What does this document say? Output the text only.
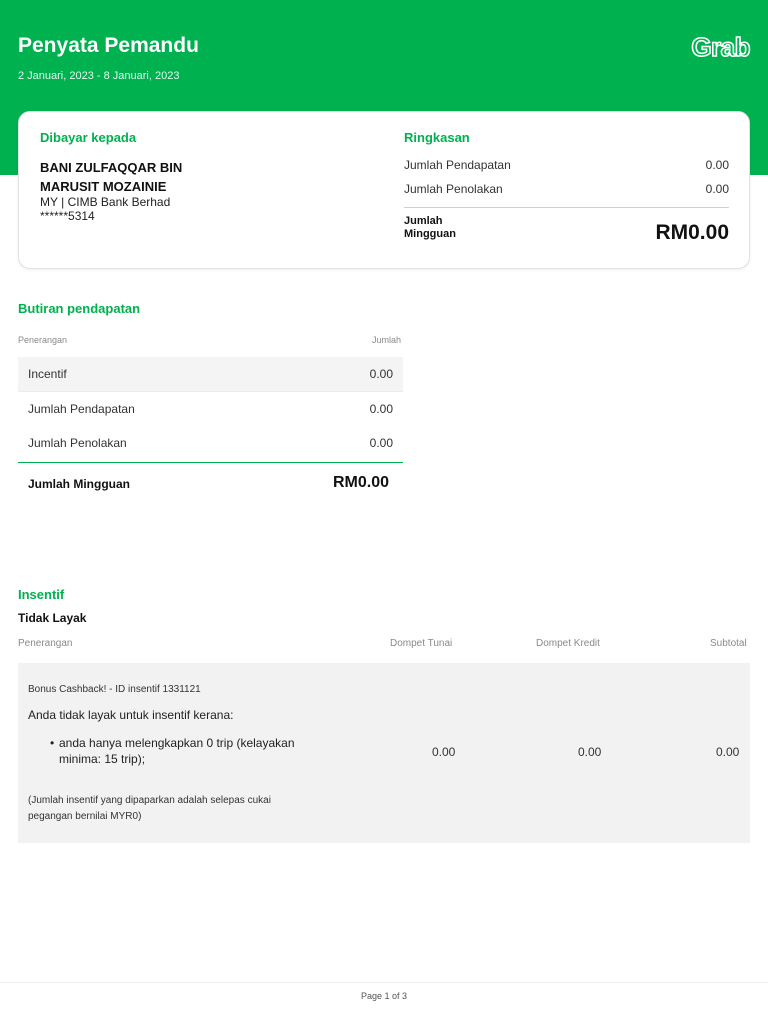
Penyata Pemandu
2 Januari, 2023 - 8 Januari, 2023
Grab
Dibayar kepada
BANI ZULFAQQAR BIN MARUSIT MOZAINIE
MY | CIMB Bank Berhad
******5314
Ringkasan
Jumlah Pendapatan	0.00
Jumlah Penolakan	0.00
Jumlah Mingguan	RM0.00
Butiran pendapatan
Penerangan	Jumlah
Incentif	0.00
Jumlah Pendapatan	0.00
Jumlah Penolakan	0.00
Jumlah Mingguan	RM0.00
Insentif
Tidak Layak
Penerangan	Dompet Tunai	Dompet Kredit	Subtotal
Bonus Cashback! - ID insentif 1331121
Anda tidak layak untuk insentif kerana:
• anda hanya melengkapkan 0 trip (kelayakan minima: 15 trip);
(Jumlah insentif yang dipaparkan adalah selepas cukai pegangan bernilai MYR0)
0.00	0.00	0.00
Page 1 of 3
